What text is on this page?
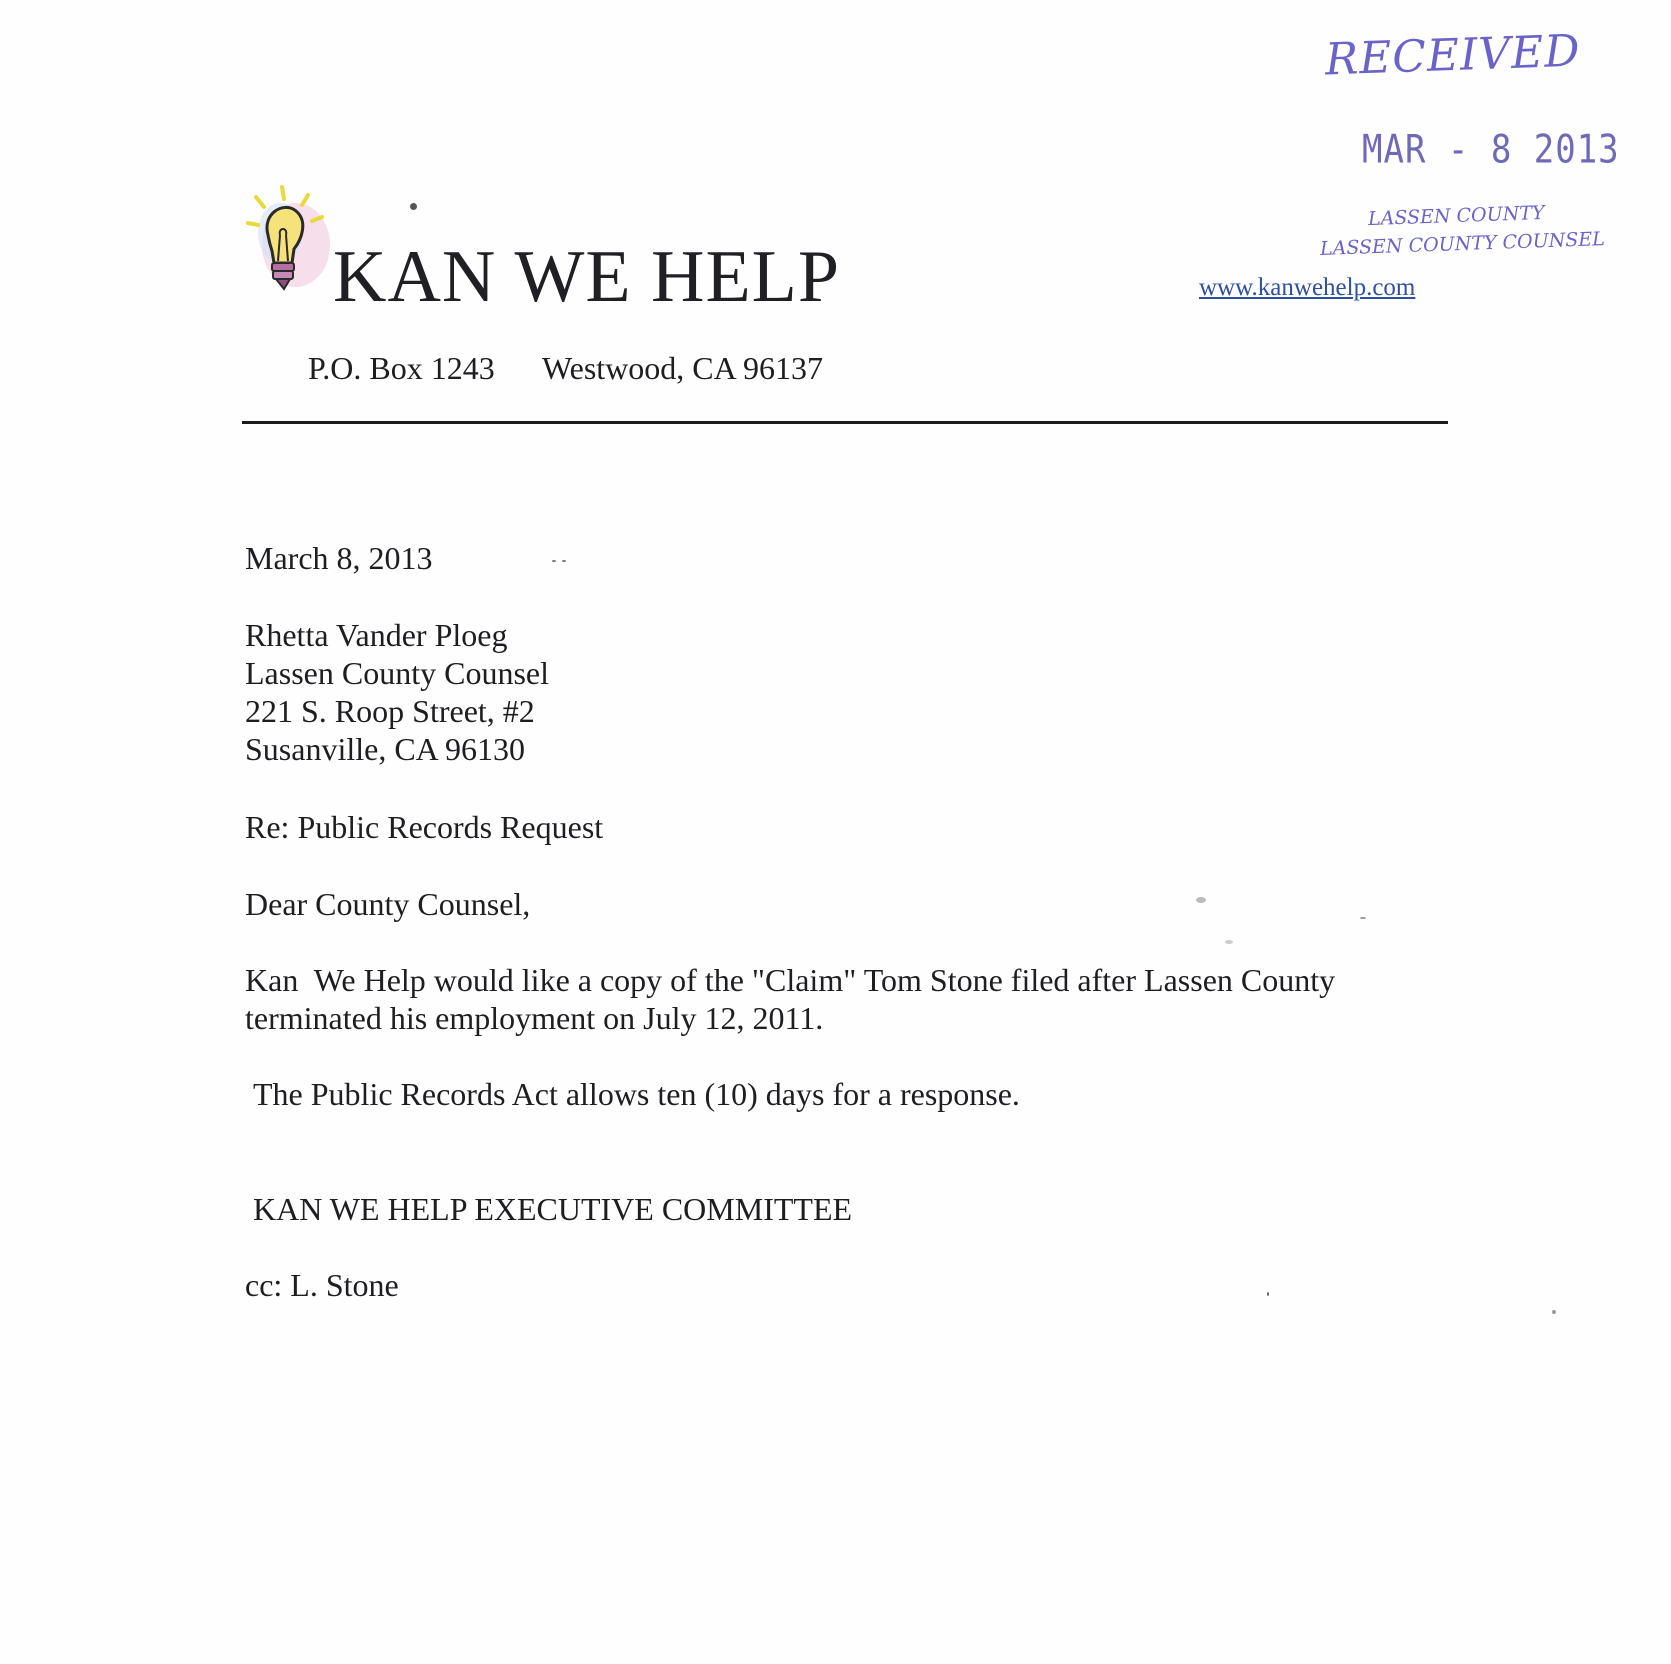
RECEIVED
MAR - 8 2013
LASSEN COUNTY
LASSEN COUNTY COUNSEL
KAN WE HELP	www.kanwehelp.com
P.O. Box 1243 Westwood, CA 96137
March 8, 2013
Rhetta Vander Ploeg
Lassen County Counsel
221 S. Roop Street, #2
Susanville, CA 96130
Re: Public Records Request
Dear County Counsel,
Kan  We Help would like a copy of the "Claim" Tom Stone filed after Lassen County
terminated his employment on July 12, 2011.
The Public Records Act allows ten (10) days for a response.
KAN WE HELP EXECUTIVE COMMITTEE
cc: L. Stone
